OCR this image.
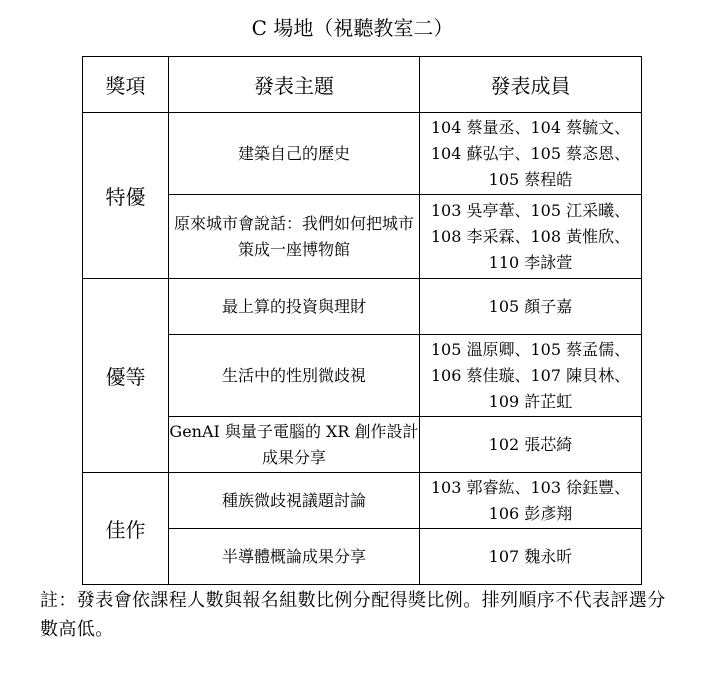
C 場地（視聽教室二）
獎項	發表主題	發表成員
特優	建築自己的歷史	104 蔡量丞、104 蔡毓文、104 蘇弘宇、105 蔡忞恩、105 蔡程皓

	原來城市會說話：我們如何把城市策成一座博物館	103 吳亭葦、105 江采曦、108 李采霖、108 黃惟欣、110 李詠萱

優等	最上算的投資與理財	105 顏子嘉

	生活中的性別微歧視	105 溫原卿、105 蔡孟儒、106 蔡佳璇、107 陳貝林、109 許芷虹

	GenAI 與量子電腦的 XR 創作設計成果分享	102 張芯綺

佳作	種族微歧視議題討論	103 郭睿紘、103 徐鈺豐、106 彭彥翔

	半導體概論成果分享	107 魏永昕
註：發表會依課程人數與報名組數比例分配得獎比例。排列順序不代表評選分數高低。
